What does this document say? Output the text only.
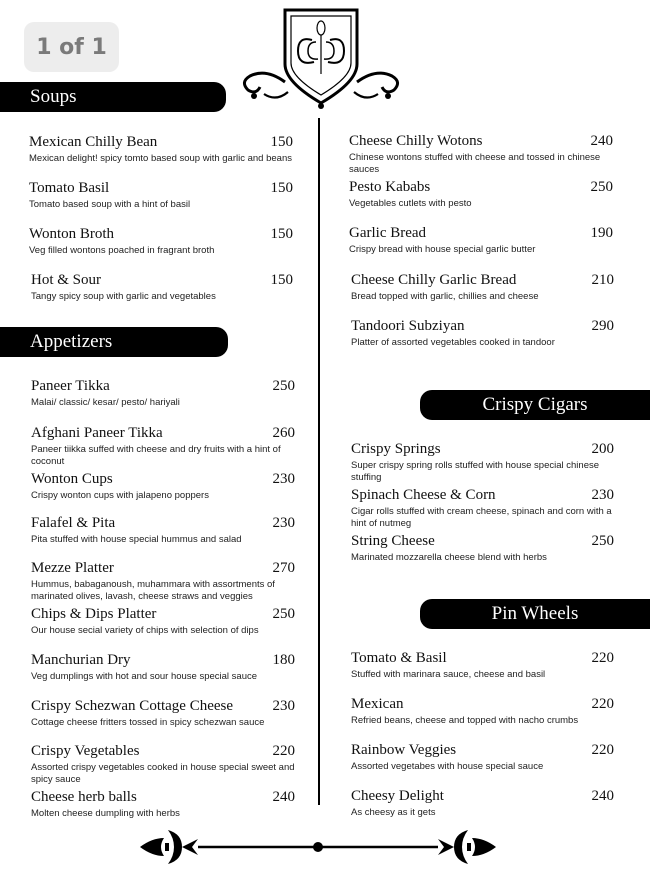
1 of 1
Soups
Appetizers
Crispy Cigars
Pin Wheels
Mexican Chilly Bean	150
Mexican delight! spicy tomto based soup with garlic and beans
Tomato Basil	150
Tomato based soup with a hint of basil
Wonton Broth	150
Veg filled wontons poached in fragrant broth
Hot & Sour	150
Tangy spicy soup with garlic and vegetables
Paneer Tikka	250
Malai/ classic/ kesar/ pesto/ hariyali
Afghani Paneer Tikka	260
Paneer tiikka suffed with cheese and dry fruits with a hint of coconut
Wonton Cups	230
Crispy wonton cups with jalapeno poppers
Falafel & Pita	230
Pita stuffed with house special hummus and salad
Mezze Platter	270
Hummus, babaganoush, muhammara with assortments of marinated olives, lavash, cheese straws and veggies
Chips & Dips Platter	250
Our house secial variety of chips with selection of dips
Manchurian Dry	180
Veg dumplings with hot and sour house special sauce
Crispy Schezwan Cottage Cheese	230
Cottage cheese fritters tossed in spicy schezwan sauce
Crispy Vegetables	220
Assorted crispy vegetables cooked in house special sweet and spicy sauce
Cheese herb balls	240
Molten cheese dumpling with herbs
Cheese Chilly Wotons	240
Chinese wontons stuffed with cheese and tossed in chinese sauces
Pesto Kababs	250
Vegetables cutlets with pesto
Garlic Bread	190
Crispy bread with house special garlic butter
Cheese Chilly Garlic Bread	210
Bread topped with garlic, chillies and cheese
Tandoori Subziyan	290
Platter of assorted vegetables cooked in tandoor
Crispy Springs	200
Super crispy spring rolls stuffed with house special chinese stuffing
Spinach Cheese & Corn	230
Cigar rolls stuffed with cream cheese, spinach and corn with a hint of nutmeg
String Cheese	250
Marinated mozzarella cheese blend with herbs
Tomato & Basil	220
Stuffed with marinara sauce, cheese and basil
Mexican	220
Refried beans, cheese and topped with nacho crumbs
Rainbow Veggies	220
Assorted vegetabes with house special sauce
Cheesy Delight	240
As cheesy as it gets
